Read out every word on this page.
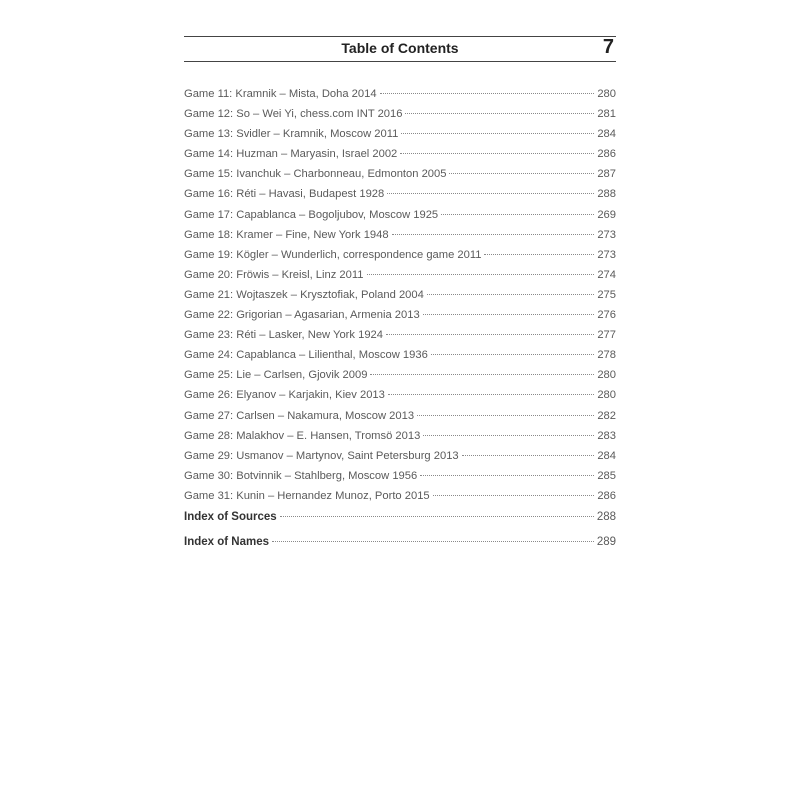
Table of Contents	7
Game 11: Kramnik – Mista, Doha 2014	280
Game 12: So – Wei Yi, chess.com INT 2016	281
Game 13: Svidler – Kramnik, Moscow 2011	284
Game 14: Huzman – Maryasin, Israel 2002	286
Game 15: Ivanchuk – Charbonneau, Edmonton 2005	287
Game 16: Réti – Havasi, Budapest 1928	288
Game 17: Capablanca – Bogoljubov, Moscow 1925	269
Game 18: Kramer – Fine, New York 1948	273
Game 19: Kögler – Wunderlich, correspondence game 2011	273
Game 20: Fröwis – Kreisl, Linz 2011	274
Game 21: Wojtaszek – Krysztofiak, Poland 2004	275
Game 22: Grigorian – Agasarian, Armenia 2013	276
Game 23: Réti – Lasker, New York 1924	277
Game 24: Capablanca – Lilienthal, Moscow 1936	278
Game 25: Lie – Carlsen, Gjovik 2009	280
Game 26: Elyanov – Karjakin, Kiev 2013	280
Game 27: Carlsen – Nakamura, Moscow 2013	282
Game 28: Malakhov – E. Hansen, Tromsö 2013	283
Game 29: Usmanov – Martynov, Saint Petersburg 2013	284
Game 30: Botvinnik – Stahlberg, Moscow 1956	285
Game 31: Kunin – Hernandez Munoz, Porto 2015	286
Index of Sources	288
Index of Names	289
